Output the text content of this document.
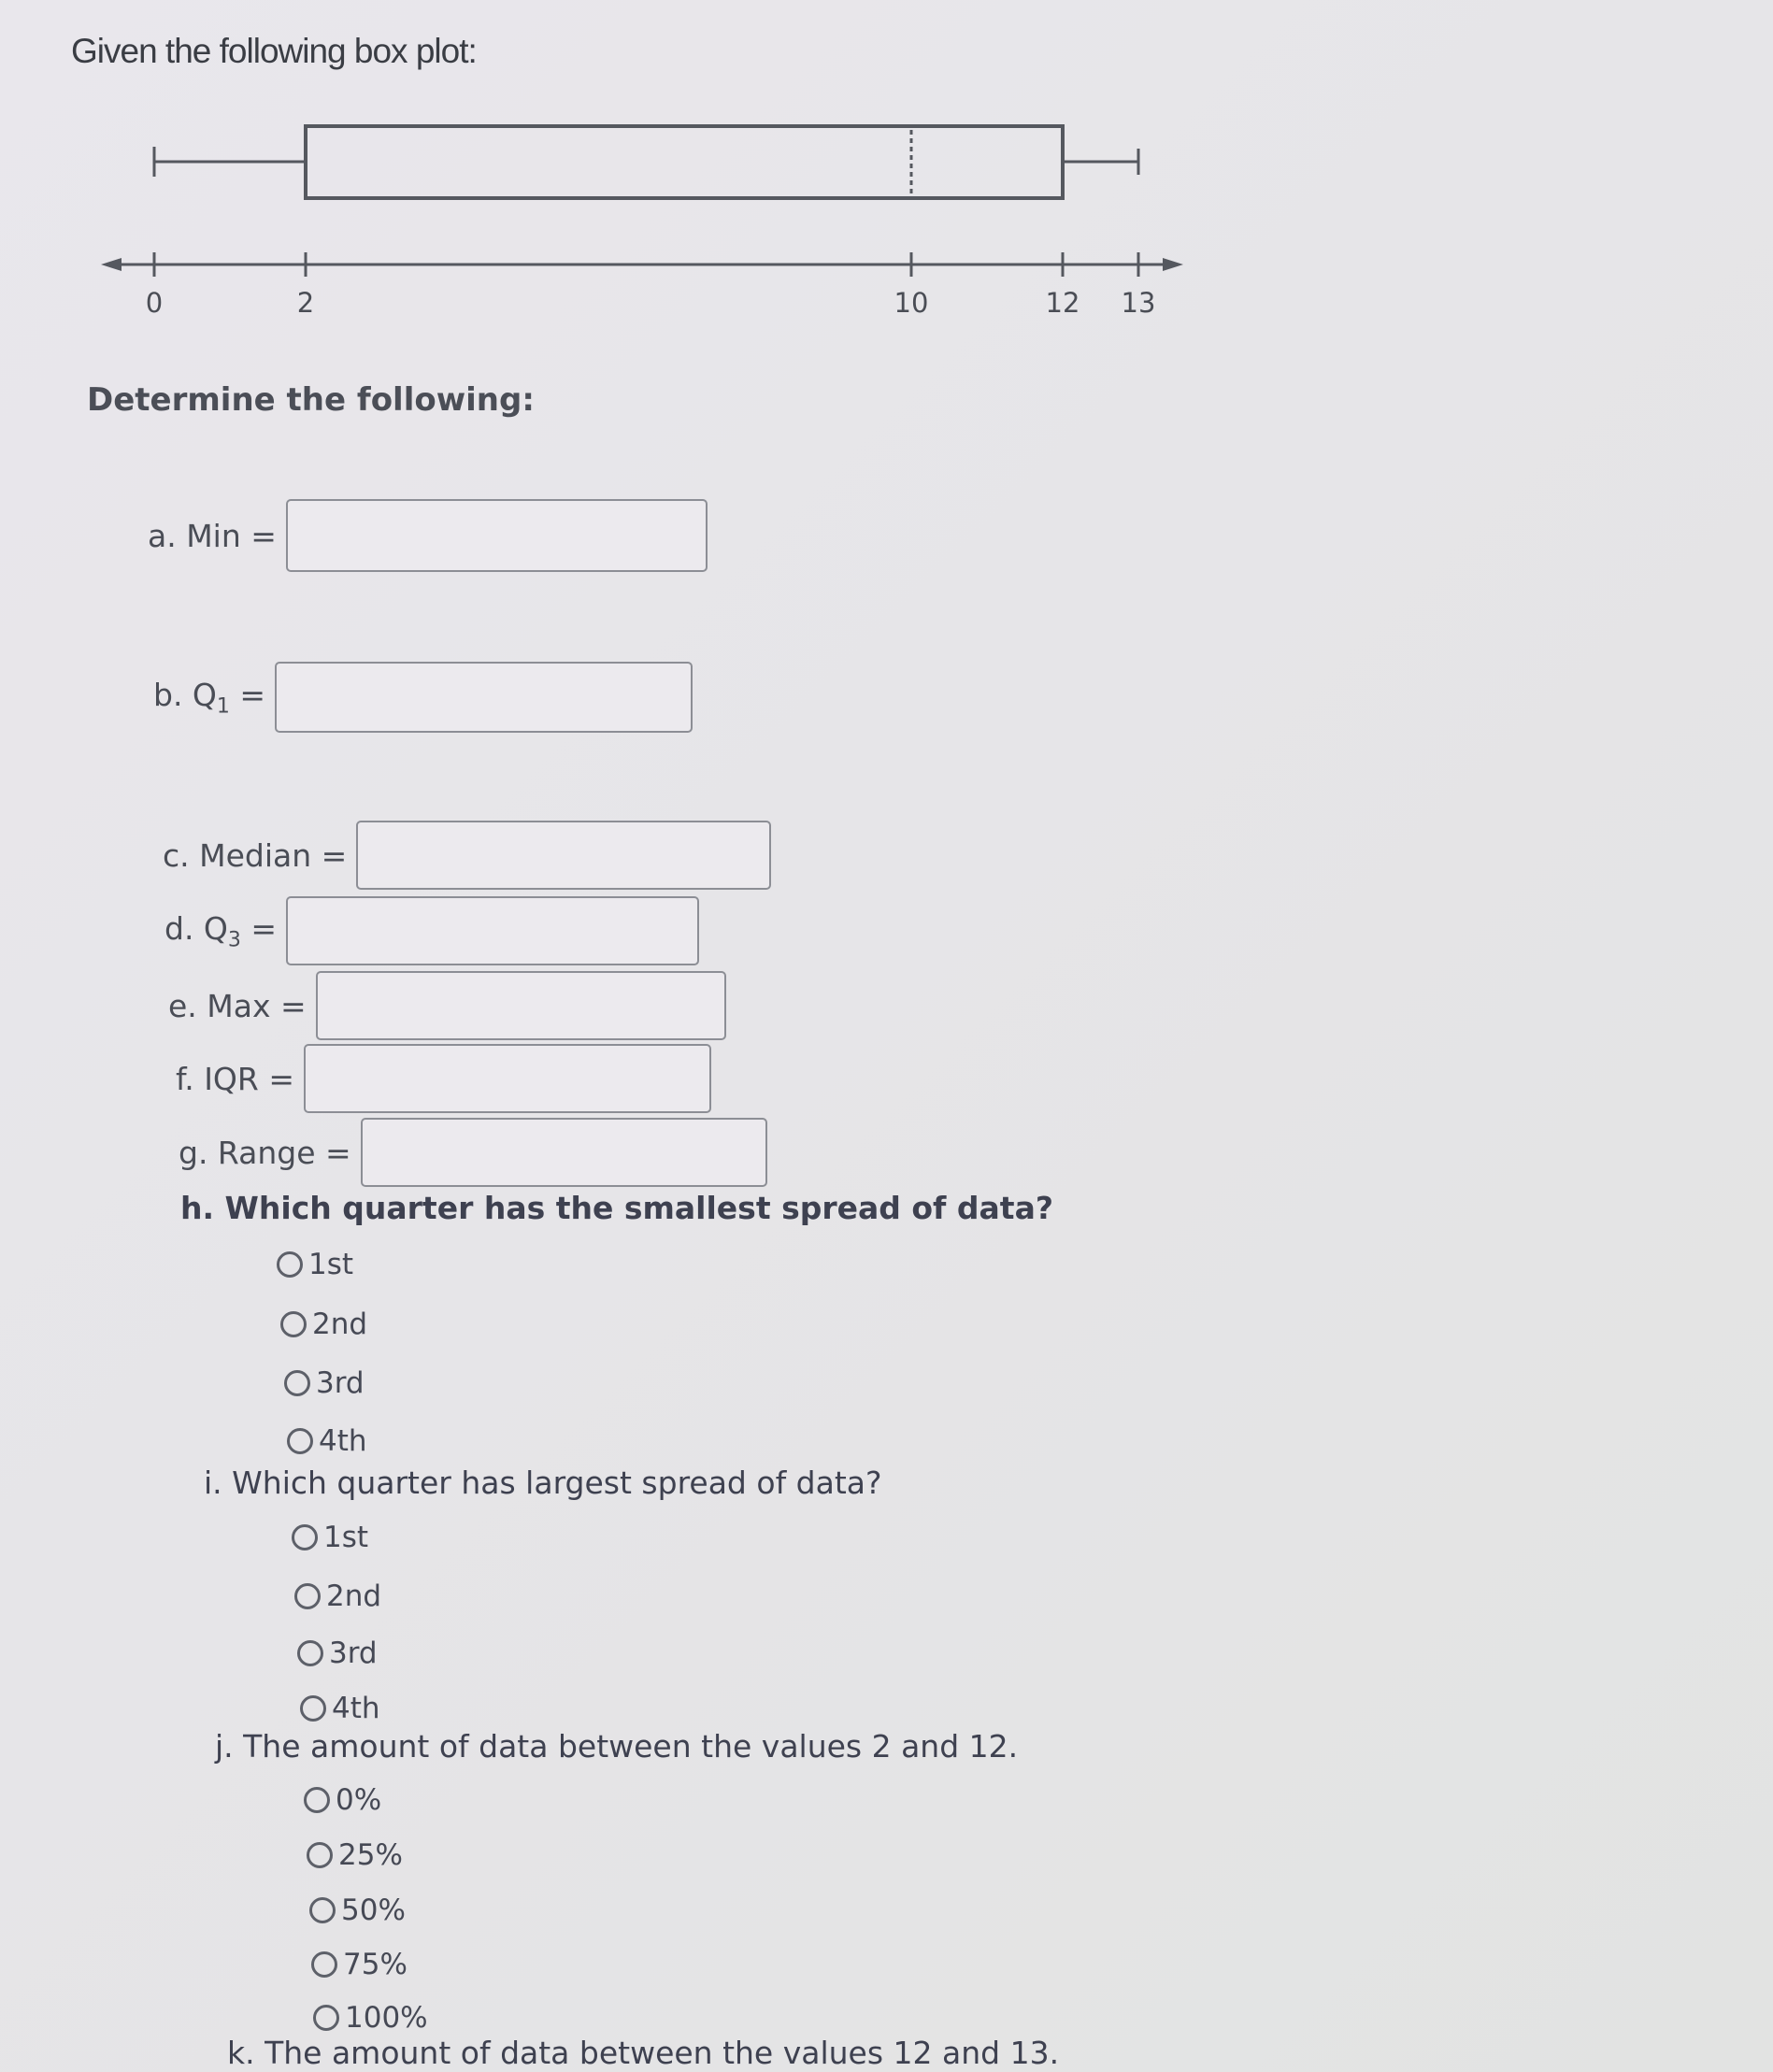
Given the following box plot:
0	2	10	12 13
Determine the following:
a. Min =
b. $Q_1$ =
c. Median =
d. $Q_3$ =
e. Max =
f. IQR =
g. Range =
h. Which quarter has the smallest spread of data?
1st
2nd
3rd
4th
i. Which quarter has largest spread of data?
1st
2nd
3rd
4th
j. The amount of data between the values 2 and 12.
0%
25%
50%
75%
100%
k. The amount of data between the values 12 and 13.
